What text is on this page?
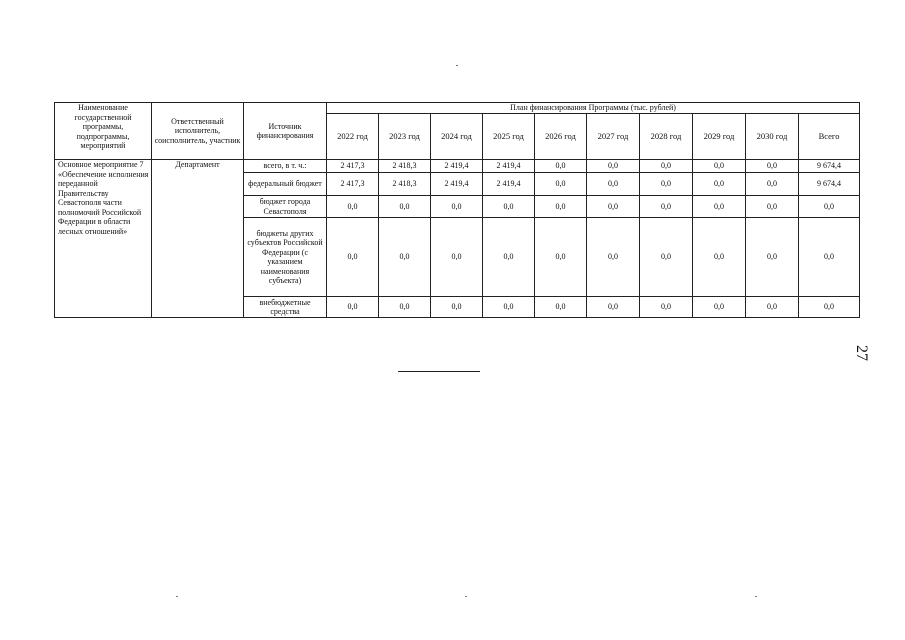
Наименование государственной программы, подпрограммы, мероприятий	Ответственный исполнитель, соисполнитель, участник	Источник финансирования	План финансирования Программы (тыс. рублей)									
			2022 год	2023 год	2024 год	2025 год	2026 год	2027 год	2028 год	2029 год	2030 год	Всего
Основное мероприятие 7 «Обеспечение исполнения переданной Правительству Севастополя части полномочий Российской Федерации в области лесных отношений»	Департамент	всего, в т. ч.:	2 417,3	2 418,3	2 419,4	2 419,4	0,0	0,0	0,0	0,0	0,0	9 674,4
		федеральный бюджет	2 417,3	2 418,3	2 419,4	2 419,4	0,0	0,0	0,0	0,0	0,0	9 674,4
		бюджет города Севастополя	0,0	0,0	0,0	0,0	0,0	0,0	0,0	0,0	0,0	0,0
		бюджеты других субъектов Российской Федерации (с указанием наименования субъекта)	0,0	0,0	0,0	0,0	0,0	0,0	0,0	0,0	0,0	0,0
		внебюджетные средства	0,0	0,0	0,0	0,0	0,0	0,0	0,0	0,0	0,0	0,0
27
